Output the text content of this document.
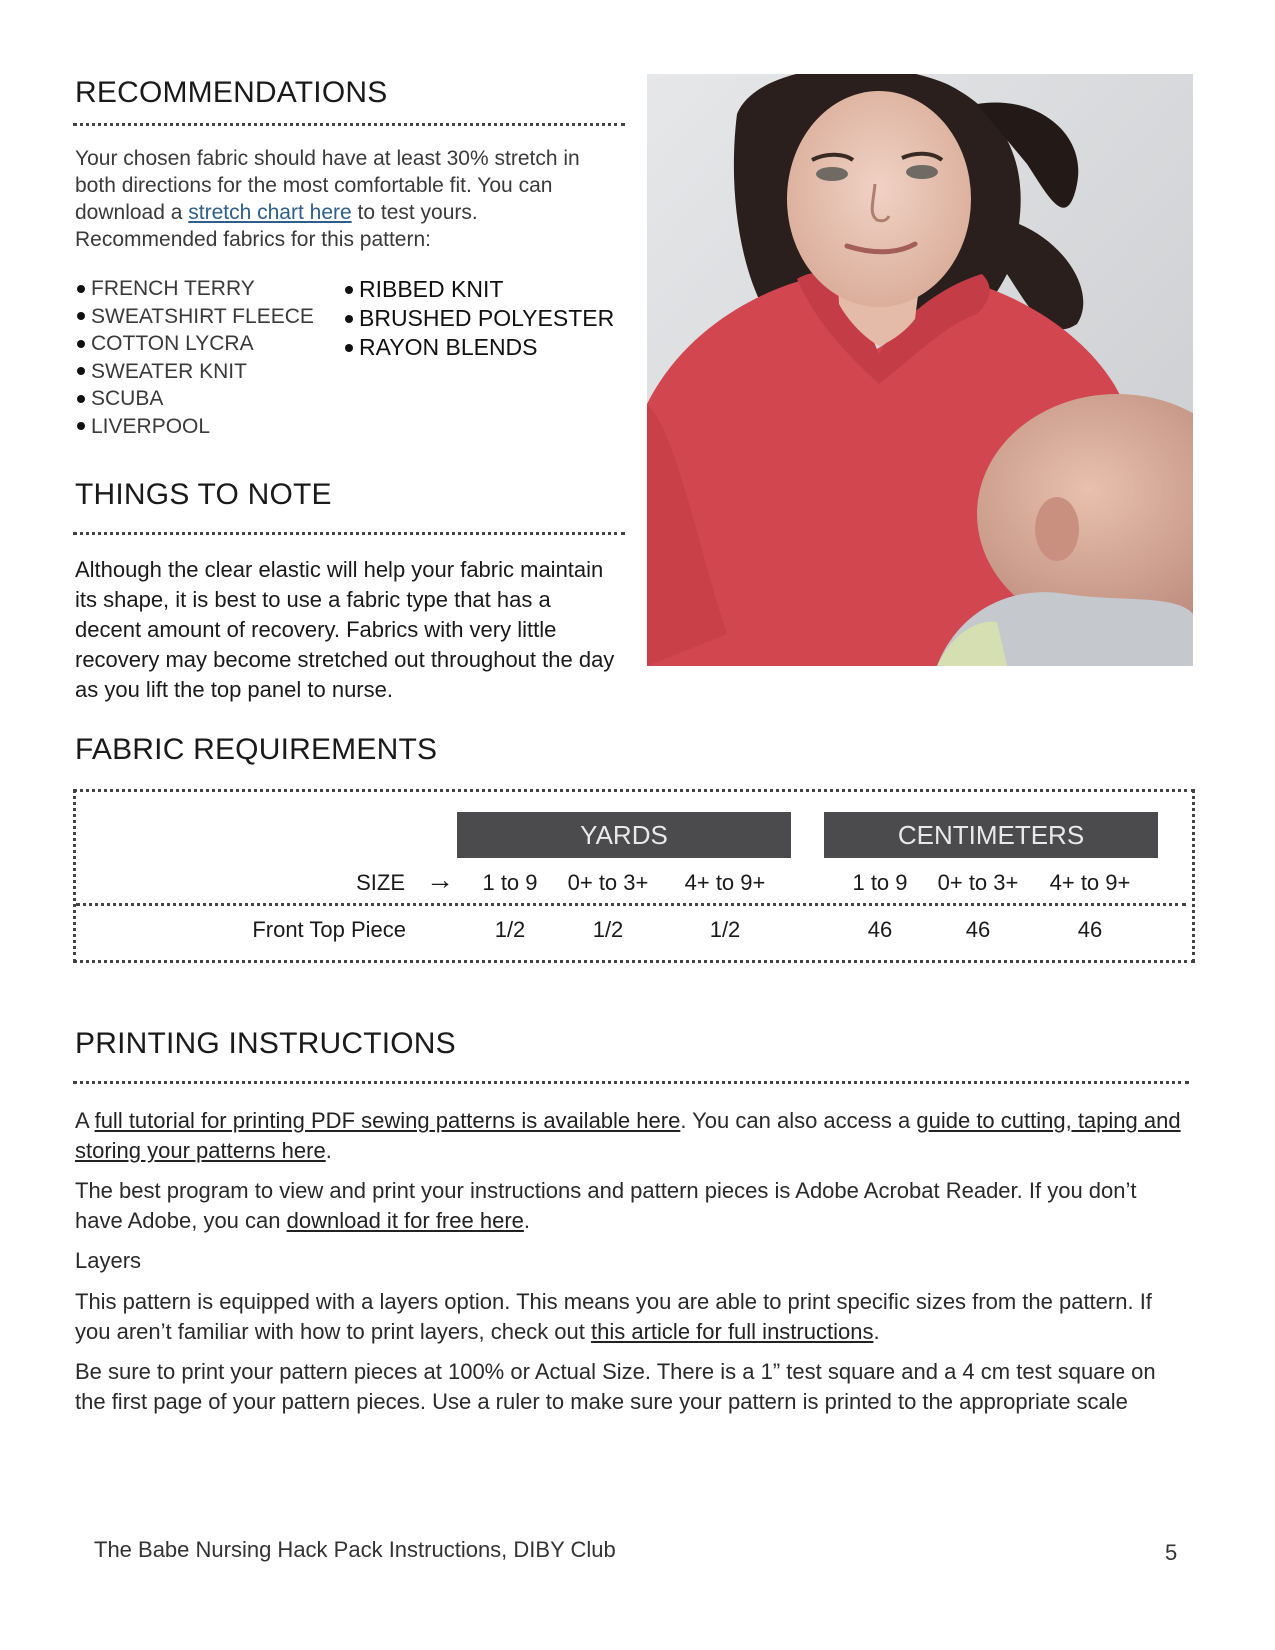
RECOMMENDATIONS
Your chosen fabric should have at least 30% stretch in both directions for the most comfortable fit. You can download a stretch chart here to test yours.
Recommended fabrics for this pattern:
FRENCH TERRY
SWEATSHIRT FLEECE
COTTON LYCRA
SWEATER KNIT
SCUBA
LIVERPOOL
RIBBED KNIT
BRUSHED POLYESTER
RAYON BLENDS
THINGS TO NOTE

Although the clear elastic will help your fabric maintain its shape, it is best to use a fabric type that has a decent amount of recovery. Fabrics with very little recovery may become stretched out throughout the day as you lift the top panel to nurse.

FABRIC REQUIREMENTS
YARDS	CENTIMETERS
SIZE →	1 to 9	0+ to 3+	4+ to 9+	1 to 9	0+ to 3+	4+ to 9+
Front Top Piece	1/2	1/2	1/2	46	46	46
PRINTING INSTRUCTIONS

A full tutorial for printing PDF sewing patterns is available here. You can also access a guide to cutting, taping and storing your patterns here.

The best program to view and print your instructions and pattern pieces is Adobe Acrobat Reader. If you don’t have Adobe, you can download it for free here.

Layers

This pattern is equipped with a layers option. This means you are able to print specific sizes from the pattern. If you aren’t familiar with how to print layers, check out this article for full instructions.

Be sure to print your pattern pieces at 100% or Actual Size. There is a 1” test square and a 4 cm test square on the first page of your pattern pieces. Use a ruler to make sure your pattern is printed to the appropriate scale

The Babe Nursing Hack Pack Instructions, DIBY Club	5
